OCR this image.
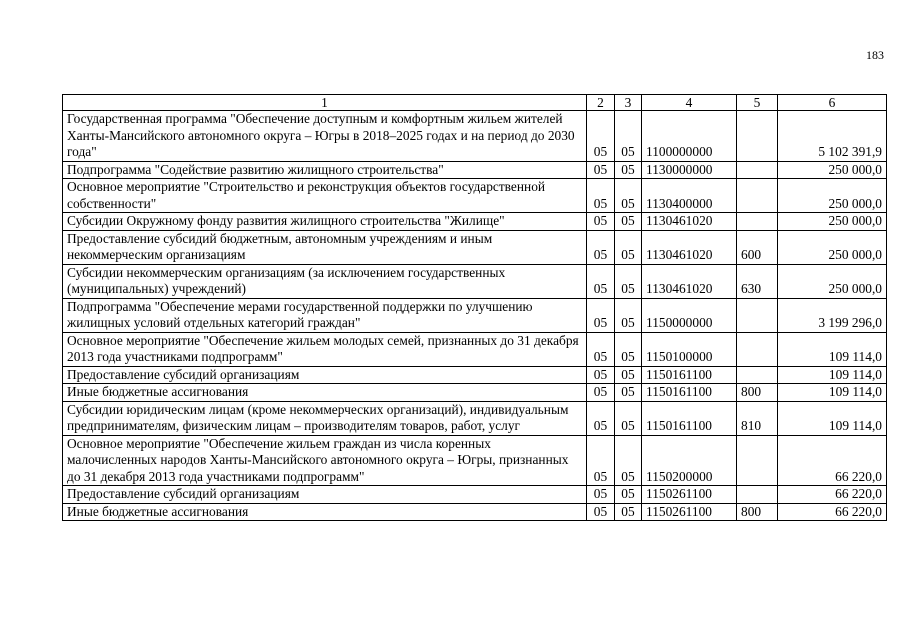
183
1	2	3	4	5	6
Государственная программа "Обеспечение доступным и комфортным жильем жителей Ханты-Мансийского автономного округа – Югры в 2018–2025 годах и на период до 2030 года"	05	05	1100000000		5 102 391,9
Подпрограмма "Содействие развитию жилищного строительства"	05	05	1130000000		250 000,0
Основное мероприятие "Строительство и реконструкция объектов государственной собственности"	05	05	1130400000		250 000,0
Субсидии Окружному фонду развития жилищного строительства "Жилище"	05	05	1130461020		250 000,0
Предоставление субсидий бюджетным, автономным учреждениям и иным некоммерческим организациям	05	05	1130461020	600	250 000,0
Субсидии некоммерческим организациям (за исключением государственных (муниципальных) учреждений)	05	05	1130461020	630	250 000,0
Подпрограмма "Обеспечение мерами государственной поддержки по улучшению жилищных условий отдельных категорий граждан"	05	05	1150000000		3 199 296,0
Основное мероприятие "Обеспечение жильем молодых семей, признанных до 31 декабря 2013 года участниками подпрограмм"	05	05	1150100000		109 114,0
Предоставление субсидий организациям	05	05	1150161100		109 114,0
Иные бюджетные ассигнования	05	05	1150161100	800	109 114,0
Субсидии юридическим лицам (кроме некоммерческих организаций), индивидуальным предпринимателям, физическим лицам – производителям товаров, работ, услуг	05	05	1150161100	810	109 114,0
Основное мероприятие "Обеспечение жильем граждан из числа коренных малочисленных народов Ханты-Мансийского автономного округа – Югры, признанных до 31 декабря 2013 года участниками подпрограмм"	05	05	1150200000		66 220,0
Предоставление субсидий организациям	05	05	1150261100		66 220,0
Иные бюджетные ассигнования	05	05	1150261100	800	66 220,0
